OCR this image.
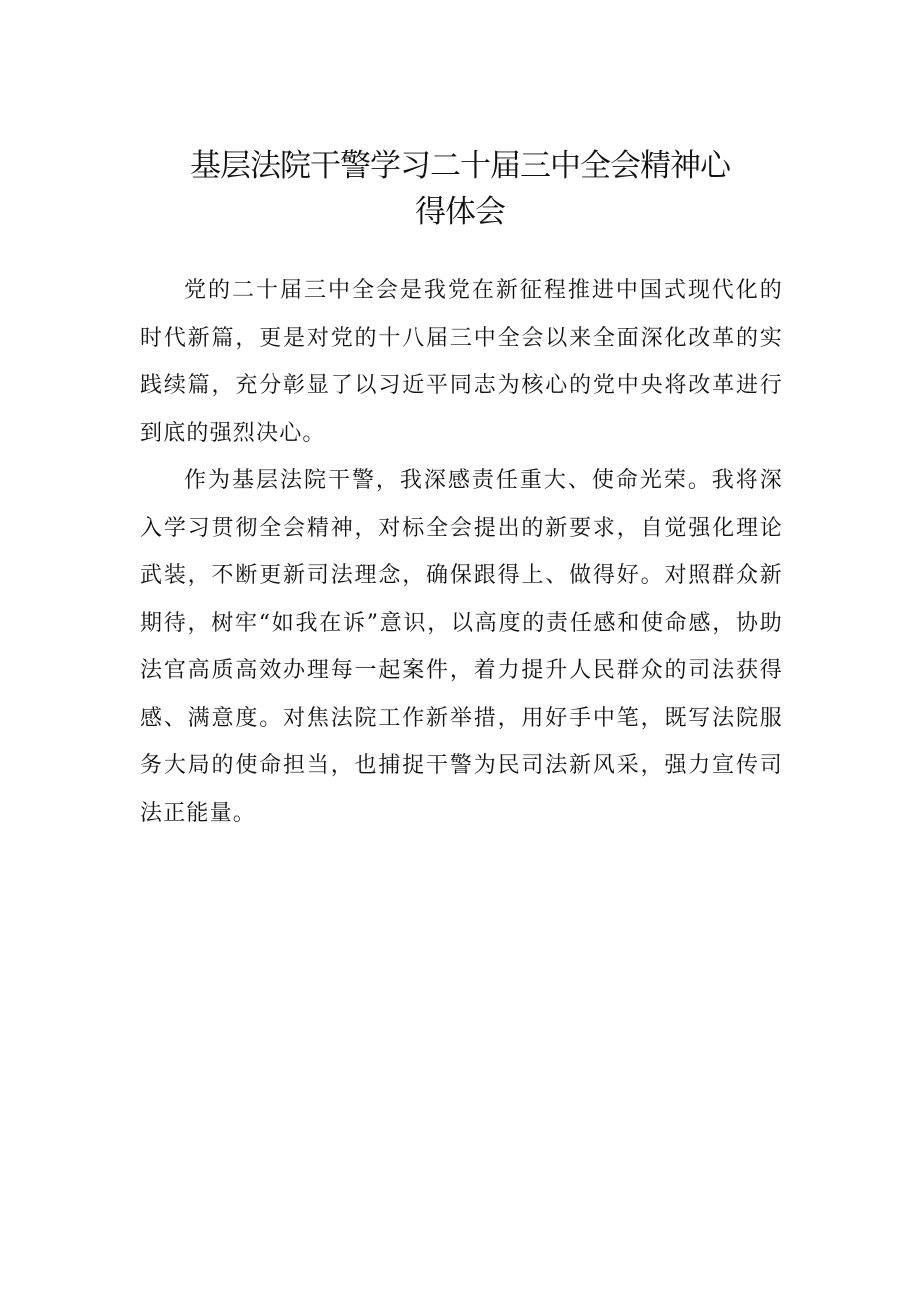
基层法院干警学习二十届三中全会精神心
得体会

党的二十届三中全会是我党在新征程推进中国式现代化的时代新篇，更是对党的十八届三中全会以来全面深化改革的实践续篇，充分彰显了以习近平同志为核心的党中央将改革进行到底的强烈决心。

作为基层法院干警，我深感责任重大、使命光荣。我将深入学习贯彻全会精神，对标全会提出的新要求，自觉强化理论武装，不断更新司法理念，确保跟得上、做得好。对照群众新期待，树牢“如我在诉”意识，以高度的责任感和使命感，协助法官高质高效办理每一起案件，着力提升人民群众的司法获得感、满意度。对焦法院工作新举措，用好手中笔，既写法院服务大局的使命担当，也捕捉干警为民司法新风采，强力宣传司法正能量。
